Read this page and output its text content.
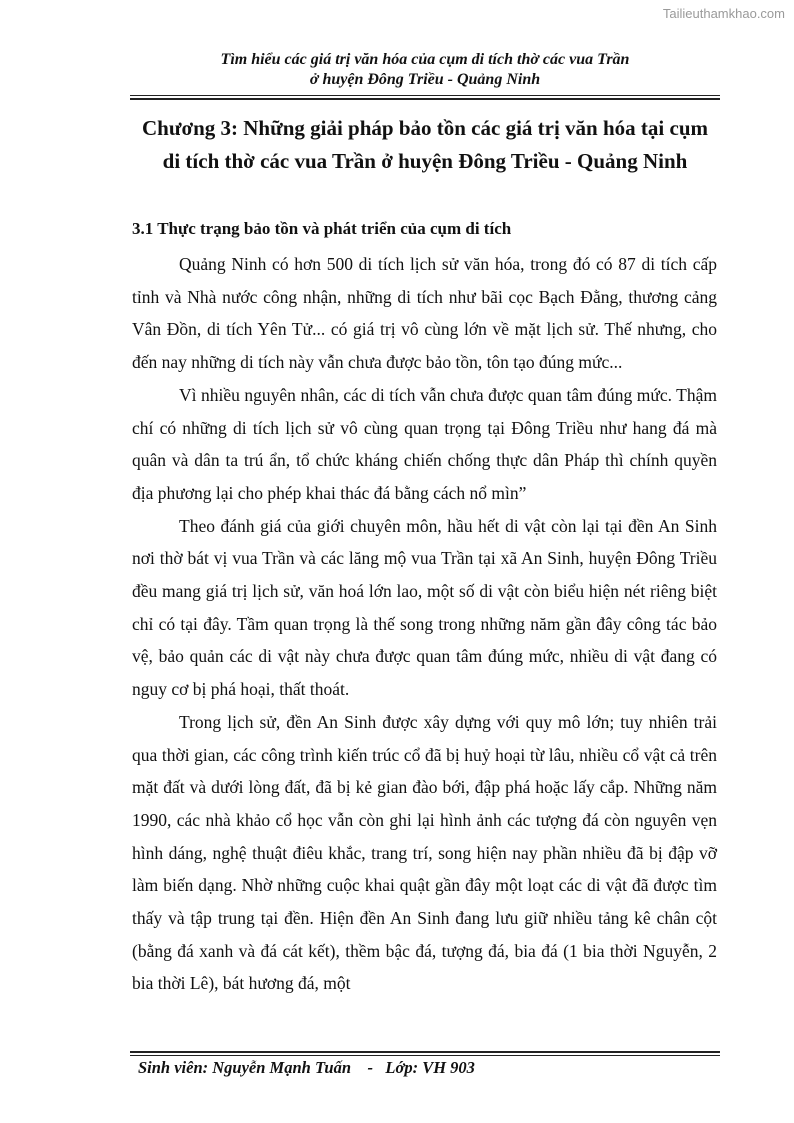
Tailieuthamkhao.com
Tìm hiểu các giá trị văn hóa của cụm di tích thờ các vua Trần
ở huyện Đông Triều - Quảng Ninh
Chương 3: Những giải pháp bảo tồn các giá trị văn hóa tại cụm
di tích thờ các vua Trần ở huyện Đông Triều - Quảng Ninh
3.1 Thực trạng bảo tồn và phát triển của cụm di tích

Quảng Ninh có hơn 500 di tích lịch sử văn hóa, trong đó có 87 di tích cấp tỉnh và Nhà nước công nhận, những di tích như bãi cọc Bạch Đằng, thương cảng Vân Đồn, di tích Yên Tử... có giá trị vô cùng lớn về mặt lịch sử. Thế nhưng, cho đến nay những di tích này vẫn chưa được bảo tồn, tôn tạo đúng mức...

Vì nhiều nguyên nhân, các di tích vẫn chưa được quan tâm đúng mức. Thậm chí có những di tích lịch sử vô cùng quan trọng tại Đông Triều như hang đá mà quân và dân ta trú ẩn, tổ chức kháng chiến chống thực dân Pháp thì chính quyền địa phương lại cho phép khai thác đá bằng cách nổ mìn”

Theo đánh giá của giới chuyên môn, hầu hết di vật còn lại tại đền An Sinh nơi thờ bát vị vua Trần và các lăng mộ vua Trần tại xã An Sinh, huyện Đông Triều đều mang giá trị lịch sử, văn hoá lớn lao, một số di vật còn biểu hiện nét riêng biệt chỉ có tại đây. Tầm quan trọng là thế song trong những năm gần đây công tác bảo vệ, bảo quản các di vật này chưa được quan tâm đúng mức, nhiều di vật đang có nguy cơ bị phá hoại, thất thoát.

Trong lịch sử, đền An Sinh được xây dựng với quy mô lớn; tuy nhiên trải qua thời gian, các công trình kiến trúc cổ đã bị huỷ hoại từ lâu, nhiều cổ vật cả trên mặt đất và dưới lòng đất, đã bị kẻ gian đào bới, đập phá hoặc lấy cắp. Những năm 1990, các nhà khảo cổ học vẫn còn ghi lại hình ảnh các tượng đá còn nguyên vẹn hình dáng, nghệ thuật điêu khắc, trang trí, song hiện nay phần nhiều đã bị đập vỡ làm biến dạng. Nhờ những cuộc khai quật gần đây một loạt các di vật đã được tìm thấy và tập trung tại đền. Hiện đền An Sinh đang lưu giữ nhiều tảng kê chân cột (bằng đá xanh và đá cát kết), thềm bậc đá, tượng đá, bia đá (1 bia thời Nguyễn, 2 bia thời Lê), bát hương đá, một

Sinh viên: Nguyễn Mạnh Tuấn    -   Lớp: VH 903
